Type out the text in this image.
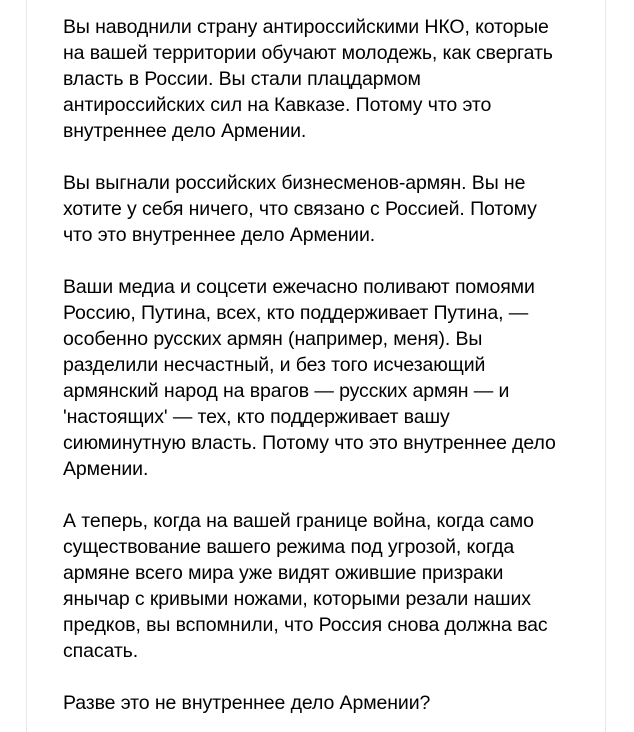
Вы наводнили страну антироссийскими НКО, которые
на вашей территории обучают молодежь, как свергать
власть в России. Вы стали плацдармом
антироссийских сил на Кавказе. Потому что это
внутреннее дело Армении.

Вы выгнали российских бизнесменов-армян. Вы не
хотите у себя ничего, что связано с Россией. Потому
что это внутреннее дело Армении.

Ваши медиа и соцсети ежечасно поливают помоями
Россию, Путина, всех, кто поддерживает Путина, —
особенно русских армян (например, меня). Вы
разделили несчастный, и без того исчезающий
армянский народ на врагов — русских армян — и
'настоящих' — тех, кто поддерживает вашу
сиюминутную власть. Потому что это внутреннее дело
Армении.

А теперь, когда на вашей границе война, когда само
существование вашего режима под угрозой, когда
армяне всего мира уже видят ожившие призраки
янычар с кривыми ножами, которыми резали наших
предков, вы вспомнили, что Россия снова должна вас
спасать.

Разве это не внутреннее дело Армении?
